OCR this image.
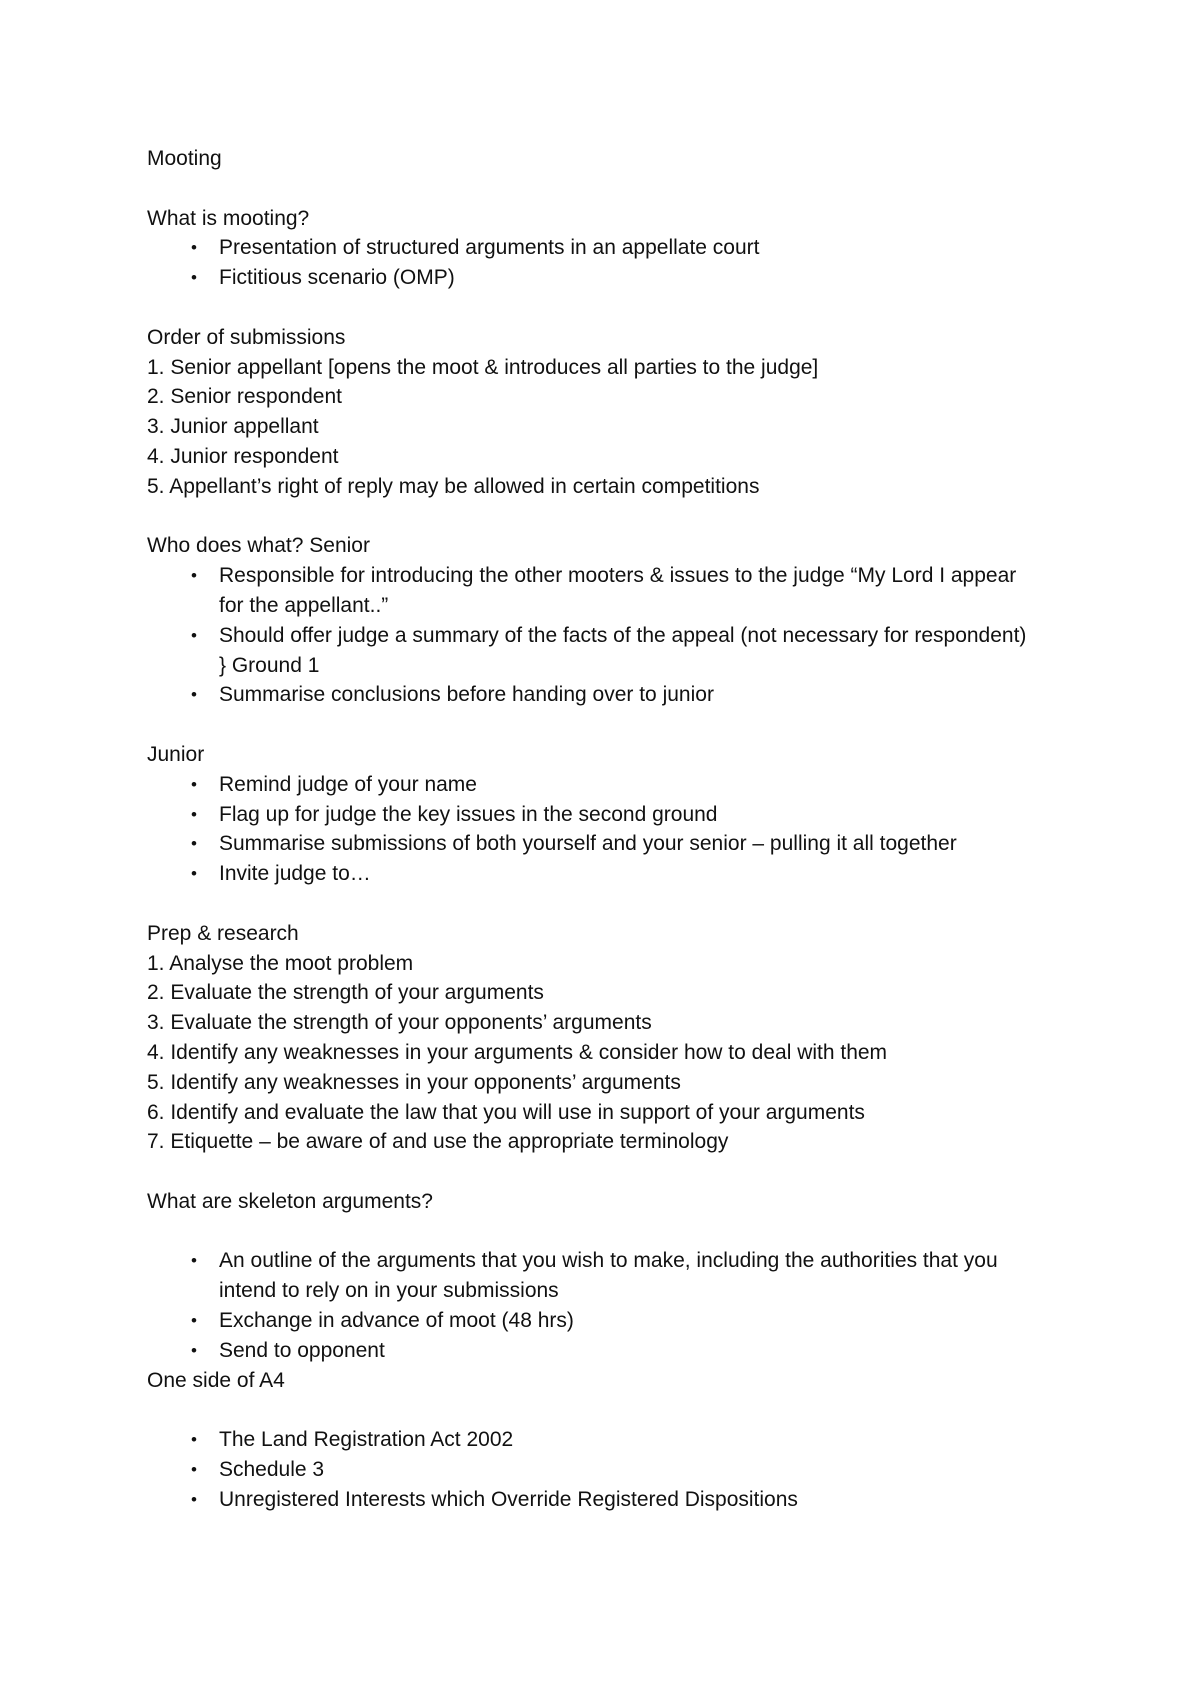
Mooting

What is mooting?

• Presentation of structured arguments in an appellate court
• Fictitious scenario (OMP)

Order of submissions

1. Senior appellant [opens the moot & introduces all parties to the judge]

2. Senior respondent

3. Junior appellant

4. Junior respondent

5. Appellant’s right of reply may be allowed in certain competitions

Who does what? Senior

• Responsible for introducing the other mooters & issues to the judge “My Lord I appear for the appellant..”
• Should offer judge a summary of the facts of the appeal (not necessary for respondent) } Ground 1
• Summarise conclusions before handing over to junior

Junior

• Remind judge of your name
• Flag up for judge the key issues in the second ground
• Summarise submissions of both yourself and your senior – pulling it all together
• Invite judge to…

Prep & research

1. Analyse the moot problem

2. Evaluate the strength of your arguments

3. Evaluate the strength of your opponents’ arguments

4. Identify any weaknesses in your arguments & consider how to deal with them

5. Identify any weaknesses in your opponents’ arguments

6. Identify and evaluate the law that you will use in support of your arguments

7. Etiquette – be aware of and use the appropriate terminology

What are skeleton arguments?

• An outline of the arguments that you wish to make, including the authorities that you intend to rely on in your submissions
• Exchange in advance of moot (48 hrs)
• Send to opponent

One side of A4

• The Land Registration Act 2002
• Schedule 3
• Unregistered Interests which Override Registered Dispositions
